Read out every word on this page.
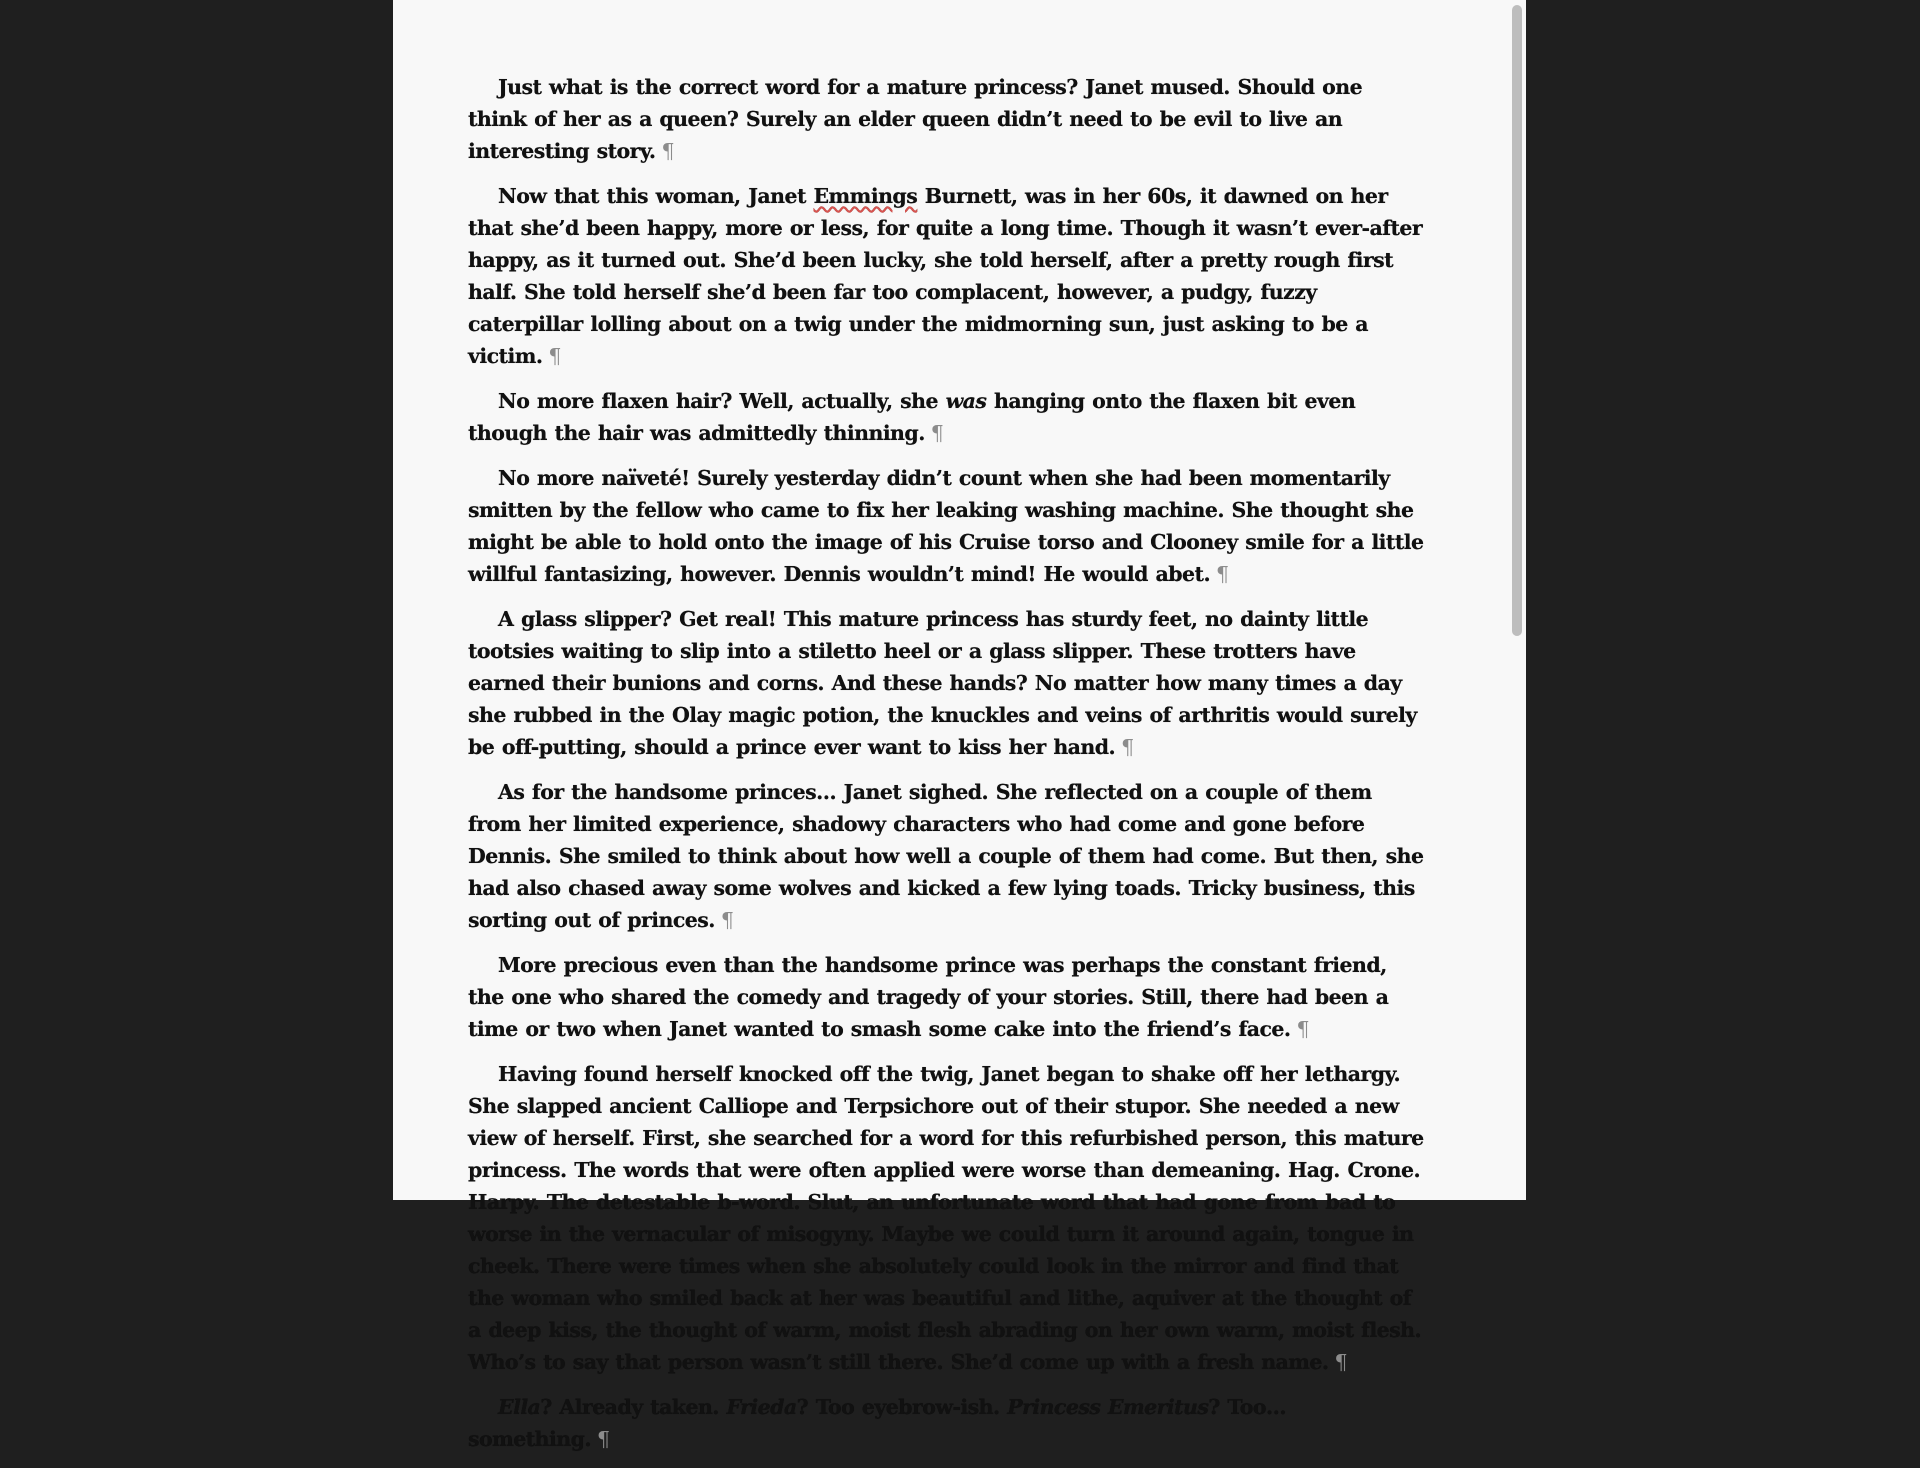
Just what is the correct word for a mature princess? Janet mused. Should one think of her as a queen? Surely an elder queen didn’t need to be evil to live an interesting story. ¶

Now that this woman, Janet Emmings Burnett, was in her 60s, it dawned on her that she’d been happy, more or less, for quite a long time. Though it wasn’t ever-after happy, as it turned out. She’d been lucky, she told herself, after a pretty rough first half. She told herself she’d been far too complacent, however, a pudgy, fuzzy caterpillar lolling about on a twig under the midmorning sun, just asking to be a victim. ¶

No more flaxen hair? Well, actually, she was hanging onto the flaxen bit even though the hair was admittedly thinning. ¶

No more naïveté! Surely yesterday didn’t count when she had been momentarily smitten by the fellow who came to fix her leaking washing machine. She thought she might be able to hold onto the image of his Cruise torso and Clooney smile for a little willful fantasizing, however. Dennis wouldn’t mind! He would abet. ¶

A glass slipper? Get real! This mature princess has sturdy feet, no dainty little tootsies waiting to slip into a stiletto heel or a glass slipper. These trotters have earned their bunions and corns. And these hands? No matter how many times a day she rubbed in the Olay magic potion, the knuckles and veins of arthritis would surely be off-putting, should a prince ever want to kiss her hand. ¶

As for the handsome princes… Janet sighed. She reflected on a couple of them from her limited experience, shadowy characters who had come and gone before Dennis. She smiled to think about how well a couple of them had come. But then, she had also chased away some wolves and kicked a few lying toads. Tricky business, this sorting out of princes. ¶

More precious even than the handsome prince was perhaps the constant friend, the one who shared the comedy and tragedy of your stories. Still, there had been a time or two when Janet wanted to smash some cake into the friend’s face. ¶

Having found herself knocked off the twig, Janet began to shake off her lethargy. She slapped ancient Calliope and Terpsichore out of their stupor. She needed a new view of herself. First, she searched for a word for this refurbished person, this mature princess. The words that were often applied were worse than demeaning. Hag. Crone. Harpy. The detestable b-word. Slut, an unfortunate word that had gone from bad to worse in the vernacular of misogyny. Maybe we could turn it around again, tongue in cheek. There were times when she absolutely could look in the mirror and find that the woman who smiled back at her was beautiful and lithe, aquiver at the thought of a deep kiss, the thought of warm, moist flesh abrading on her own warm, moist flesh. Who’s to say that person wasn’t still there. She’d come up with a fresh name. ¶

Ella? Already taken. Frieda? Too eyebrow-ish. Princess Emeritus? Too…something. ¶
